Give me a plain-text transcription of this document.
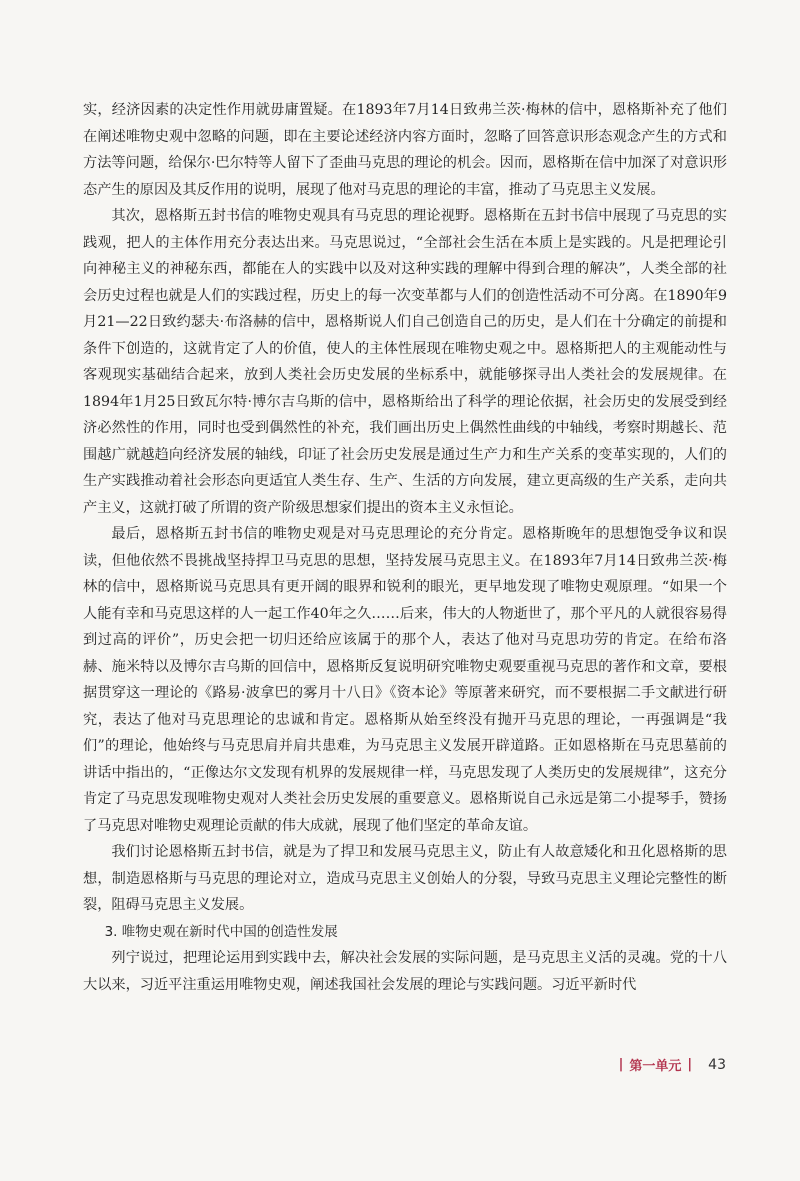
实，经济因素的决定性作用就毋庸置疑。在1893年7月14日致弗兰茨·梅林的信中，恩格斯补充了他们在阐述唯物史观中忽略的问题，即在主要论述经济内容方面时，忽略了回答意识形态观念产生的方式和方法等问题，给保尔·巴尔特等人留下了歪曲马克思的理论的机会。因而，恩格斯在信中加深了对意识形态产生的原因及其反作用的说明，展现了他对马克思的理论的丰富，推动了马克思主义发展。

其次，恩格斯五封书信的唯物史观具有马克思的理论视野。恩格斯在五封书信中展现了马克思的实践观，把人的主体作用充分表达出来。马克思说过，“全部社会生活在本质上是实践的。凡是把理论引向神秘主义的神秘东西，都能在人的实践中以及对这种实践的理解中得到合理的解决”，人类全部的社会历史过程也就是人们的实践过程，历史上的每一次变革都与人们的创造性活动不可分离。在1890年9月21—22日致约瑟夫·布洛赫的信中，恩格斯说人们自己创造自己的历史，是人们在十分确定的前提和条件下创造的，这就肯定了人的价值，使人的主体性展现在唯物史观之中。恩格斯把人的主观能动性与客观现实基础结合起来，放到人类社会历史发展的坐标系中，就能够探寻出人类社会的发展规律。在1894年1月25日致瓦尔特·博尔吉乌斯的信中，恩格斯给出了科学的理论依据，社会历史的发展受到经济必然性的作用，同时也受到偶然性的补充，我们画出历史上偶然性曲线的中轴线，考察时期越长、范围越广就越趋向经济发展的轴线，印证了社会历史发展是通过生产力和生产关系的变革实现的，人们的生产实践推动着社会形态向更适宜人类生存、生产、生活的方向发展，建立更高级的生产关系，走向共产主义，这就打破了所谓的资产阶级思想家们提出的资本主义永恒论。

最后，恩格斯五封书信的唯物史观是对马克思理论的充分肯定。恩格斯晚年的思想饱受争议和误读，但他依然不畏挑战坚持捍卫马克思的思想，坚持发展马克思主义。在1893年7月14日致弗兰茨·梅林的信中，恩格斯说马克思具有更开阔的眼界和锐利的眼光，更早地发现了唯物史观原理。“如果一个人能有幸和马克思这样的人一起工作40年之久……后来，伟大的人物逝世了，那个平凡的人就很容易得到过高的评价”，历史会把一切归还给应该属于的那个人，表达了他对马克思功劳的肯定。在给布洛赫、施米特以及博尔吉乌斯的回信中，恩格斯反复说明研究唯物史观要重视马克思的著作和文章，要根据贯穿这一理论的《路易·波拿巴的雾月十八日》《资本论》等原著来研究，而不要根据二手文献进行研究，表达了他对马克思理论的忠诚和肯定。恩格斯从始至终没有抛开马克思的理论，一再强调是“我们”的理论，他始终与马克思肩并肩共患难，为马克思主义发展开辟道路。正如恩格斯在马克思墓前的讲话中指出的，“正像达尔文发现有机界的发展规律一样，马克思发现了人类历史的发展规律”，这充分肯定了马克思发现唯物史观对人类社会历史发展的重要意义。恩格斯说自己永远是第二小提琴手，赞扬了马克思对唯物史观理论贡献的伟大成就，展现了他们坚定的革命友谊。

我们讨论恩格斯五封书信，就是为了捍卫和发展马克思主义，防止有人故意矮化和丑化恩格斯的思想，制造恩格斯与马克思的理论对立，造成马克思主义创始人的分裂，导致马克思主义理论完整性的断裂，阻碍马克思主义发展。

3. 唯物史观在新时代中国的创造性发展

列宁说过，把理论运用到实践中去，解决社会发展的实际问题，是马克思主义活的灵魂。党的十八大以来，习近平注重运用唯物史观，阐述我国社会发展的理论与实践问题。习近平新时代

| 第一单元 | 43
